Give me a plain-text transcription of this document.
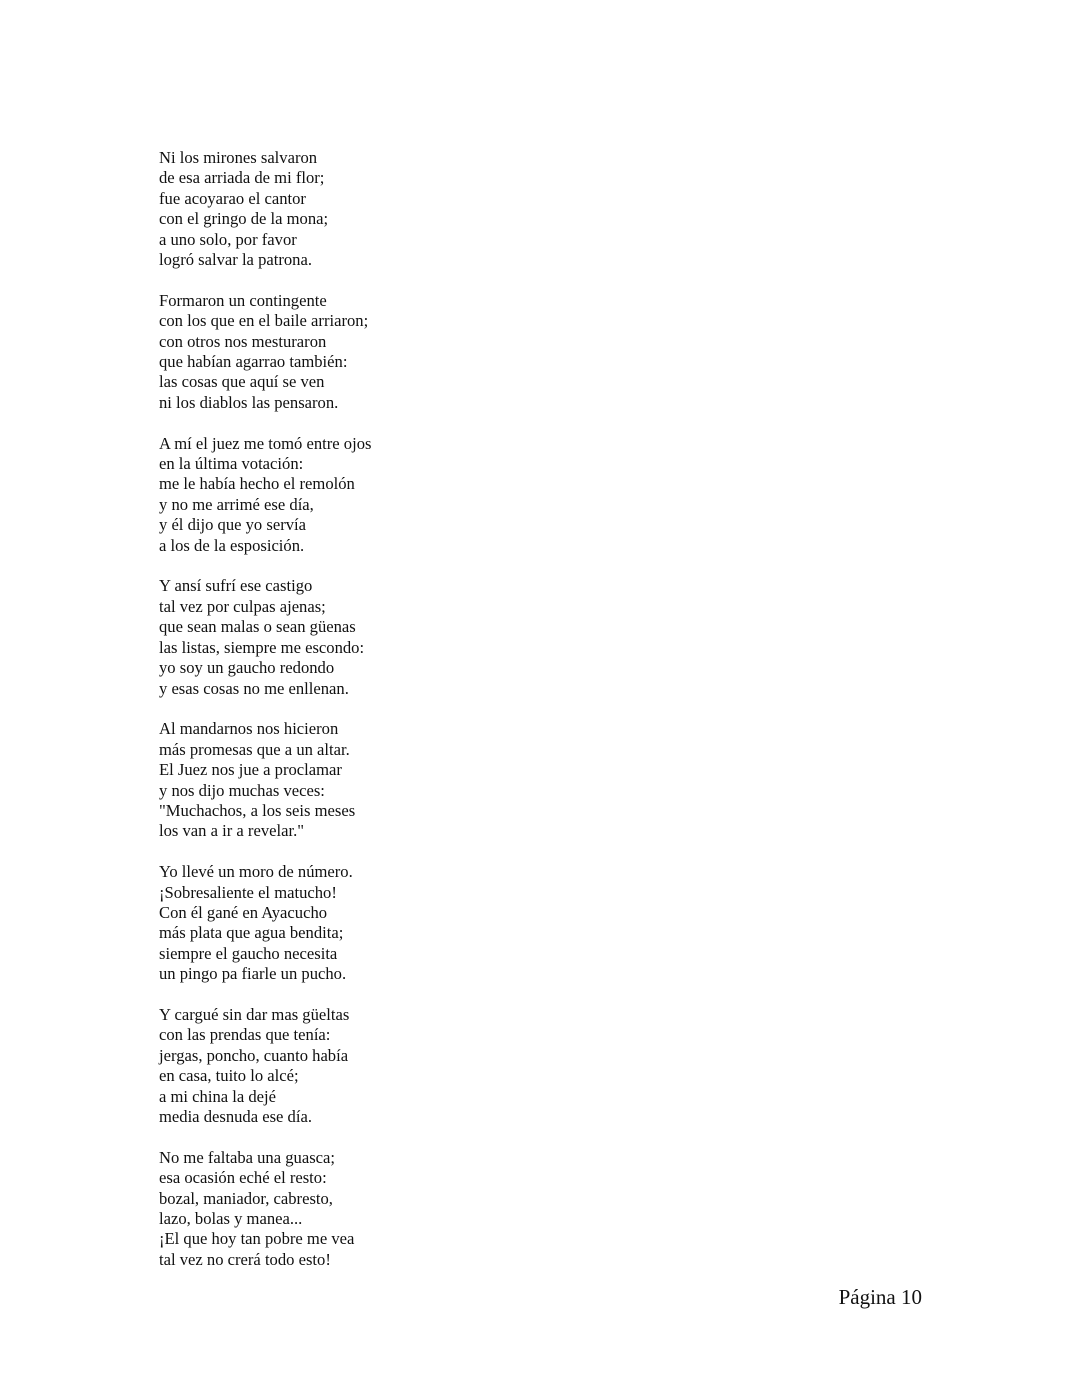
Ni los mirones salvaron
de esa arriada de mi flor;
fue acoyarao el cantor
con el gringo de la mona;
a uno solo, por favor
logró salvar la patrona.
Formaron un contingente
con los que en el baile arriaron;
con otros nos mesturaron
que habían agarrao también:
las cosas que aquí se ven
ni los diablos las pensaron.
A mí el juez me tomó entre ojos
en la última votación:
me le había hecho el remolón
y no me arrimé ese día,
y él dijo que yo servía
a los de la esposición.
Y ansí sufrí ese castigo
tal vez por culpas ajenas;
que sean malas o sean güenas
las listas, siempre me escondo:
yo soy un gaucho redondo
y esas cosas no me enllenan.
Al mandarnos nos hicieron
más promesas que a un altar.
El Juez nos jue a proclamar
y nos dijo muchas veces:
"Muchachos, a los seis meses
los van a ir a revelar."
Yo llevé un moro de número.
¡Sobresaliente el matucho!
Con él gané en Ayacucho
más plata que agua bendita;
siempre el gaucho necesita
un pingo pa fiarle un pucho.
Y cargué sin dar mas güeltas
con las prendas que tenía:
jergas, poncho, cuanto había
en casa, tuito lo alcé;
a mi china la dejé
media desnuda ese día.
No me faltaba una guasca;
esa ocasión eché el resto:
bozal, maniador, cabresto,
lazo, bolas y manea...
¡El que hoy tan pobre me vea
tal vez no crerá todo esto!
Página 10
